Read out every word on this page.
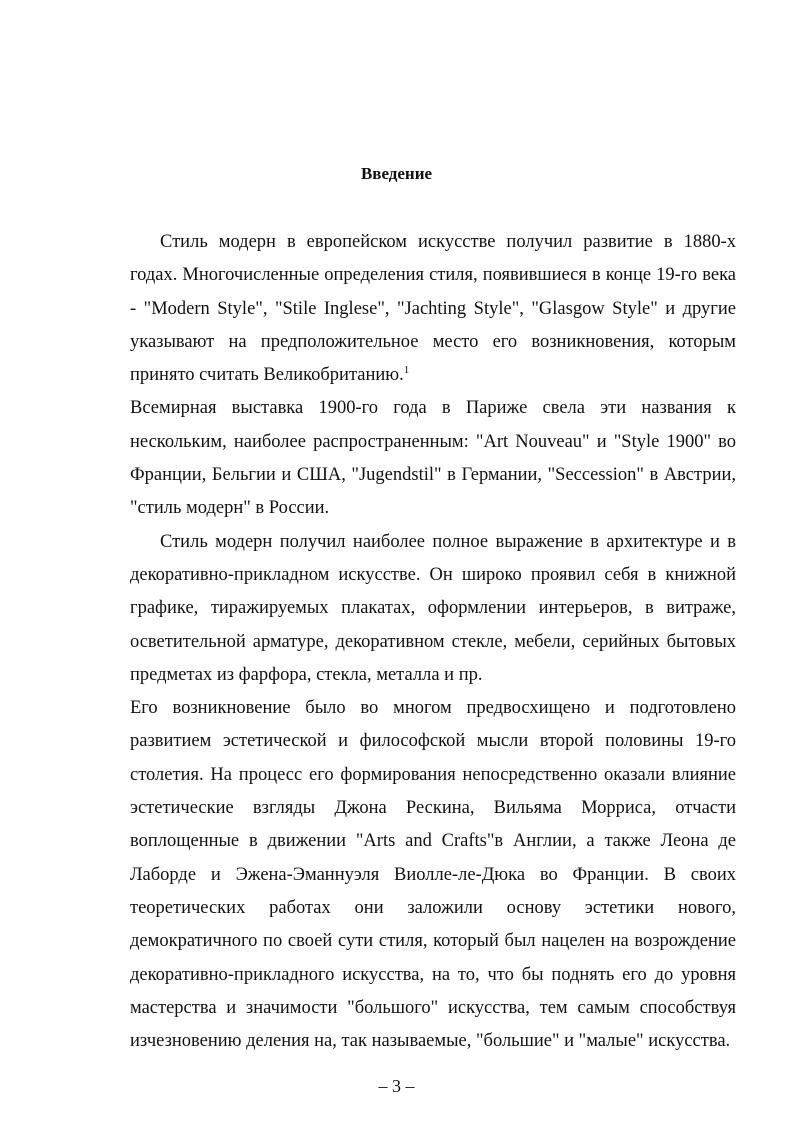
Введение

Стиль модерн в европейском искусстве получил развитие в 1880-х годах. Многочисленные определения стиля, появившиеся в конце 19-го века - "Modern Style", "Stile Inglese", "Jachting Style", "Glasgow Style" и другие указывают на предположительное место его возникновения, которым принято считать Великобританию.$^1$

Всемирная выставка 1900-го года в Париже свела эти названия к нескольким, наиболее распространенным: "Art Nouveau" и "Style 1900" во Франции, Бельгии и США, "Jugendstil" в Германии, "Seccession" в Австрии, "стиль модерн" в России.

Стиль модерн получил наиболее полное выражение в архитектуре и в декоративно-прикладном искусстве. Он широко проявил себя в книжной графике, тиражируемых плакатах, оформлении интерьеров, в витраже, осветительной арматуре, декоративном стекле, мебели, серийных бытовых предметах из фарфора, стекла, металла и пр.

Его возникновение было во многом предвосхищено и подготовлено развитием эстетической и философской мысли второй половины 19-го столетия. На процесс его формирования непосредственно оказали влияние эстетические взгляды Джона Рескина, Вильяма Морриса, отчасти воплощенные в движении "Arts and Crafts"в Англии, а также Леона де Лаборде и Эжена-Эманнуэля Виолле-ле-Дюка во Франции. В своих теоретических работах они заложили основу эстетики нового, демократичного по своей сути стиля, который был нацелен на возрождение декоративно-прикладного искусства, на то, что бы поднять его до уровня мастерства и значимости "большого" искусства, тем самым способствуя изчезновению деления на, так называемые, "большие" и "малые" искусства.

– 3 –
